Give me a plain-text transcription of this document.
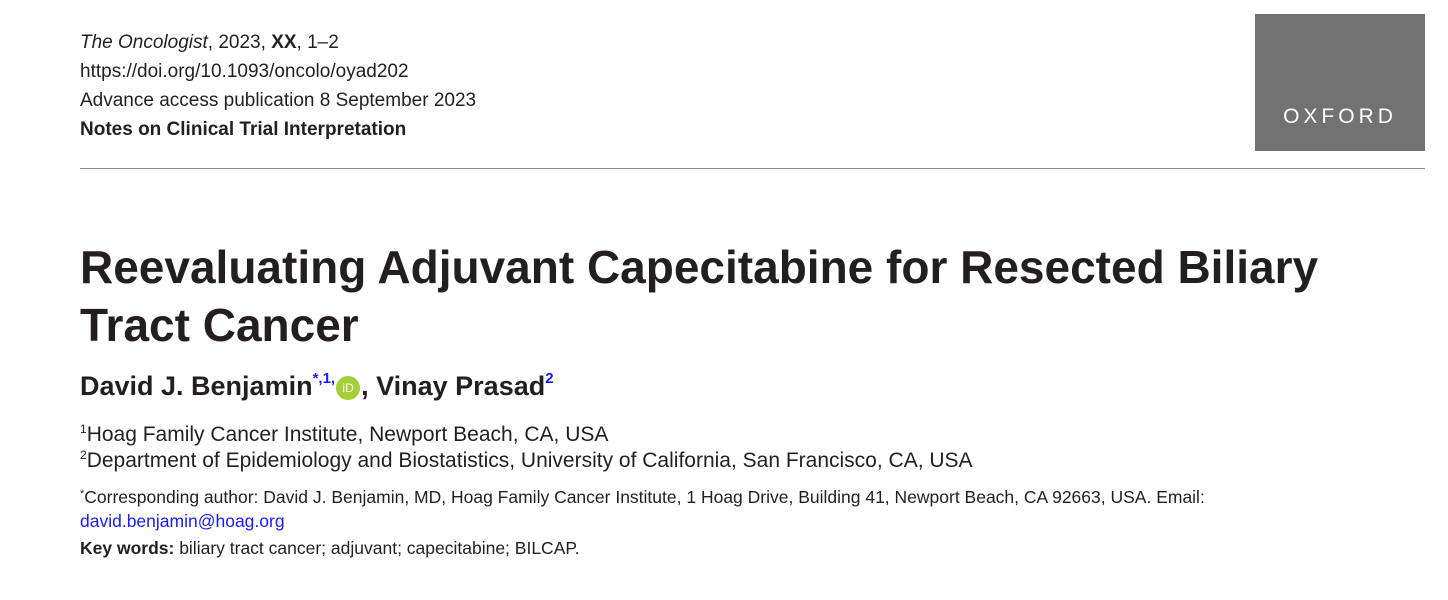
The Oncologist, 2023, XX, 1–2
https://doi.org/10.1093/oncolo/oyad202
Advance access publication 8 September 2023
Notes on Clinical Trial Interpretation
OXFORD
Reevaluating Adjuvant Capecitabine for Resected Biliary Tract Cancer
David J. Benjamin$^{*,1,}$iD , Vinay Prasad$^2$
$^1$Hoag Family Cancer Institute, Newport Beach, CA, USA
$^2$Department of Epidemiology and Biostatistics, University of California, San Francisco, CA, USA
*Corresponding author: David J. Benjamin, MD, Hoag Family Cancer Institute, 1 Hoag Drive, Building 41, Newport Beach, CA 92663, USA. Email: david.benjamin@hoag.org
Key words: biliary tract cancer; adjuvant; capecitabine; BILCAP.
